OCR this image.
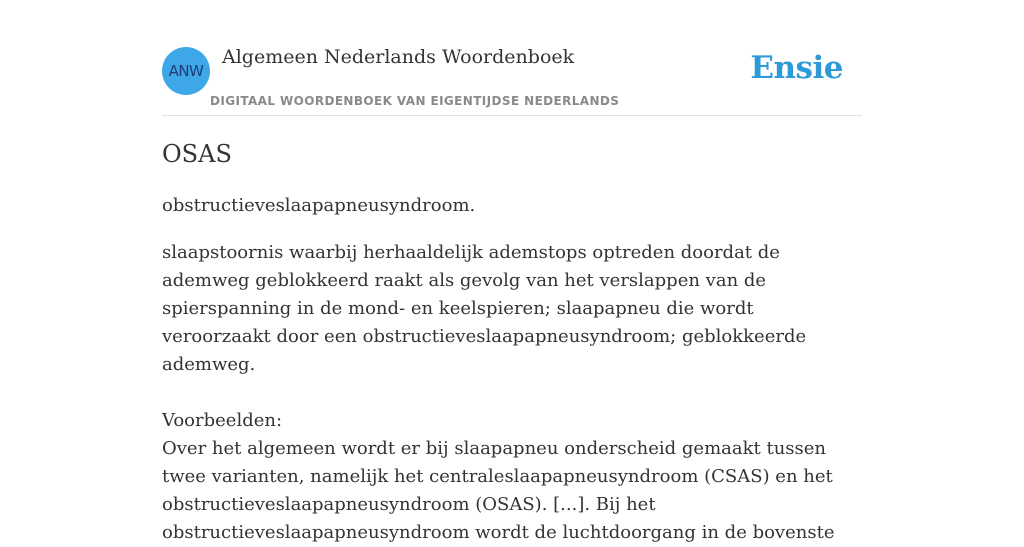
ANW
Algemeen Nederlands Woordenboek
DIGITAAL WOORDENBOEK VAN EIGENTIJDSE NEDERLANDS
Ensie
OSAS

obstructieveslaapapneusyndroom.

slaapstoornis waarbij herhaaldelijk ademstops optreden doordat de ademweg geblokkeerd raakt als gevolg van het verslappen van de spierspanning in de mond- en keelspieren; slaapapneu die wordt veroorzaakt door een obstructieveslaapapneusyndroom; geblokkeerde ademweg.

Voorbeelden:

Over het algemeen wordt er bij slaapapneu onderscheid gemaakt tussen twee varianten, namelijk het centraleslaapapneusyndroom (CSAS) en het obstructieveslaapapneusyndroom (OSAS). [...]. Bij het obstructieveslaapapneusyndroom wordt de luchtdoorgang in de bovenste
